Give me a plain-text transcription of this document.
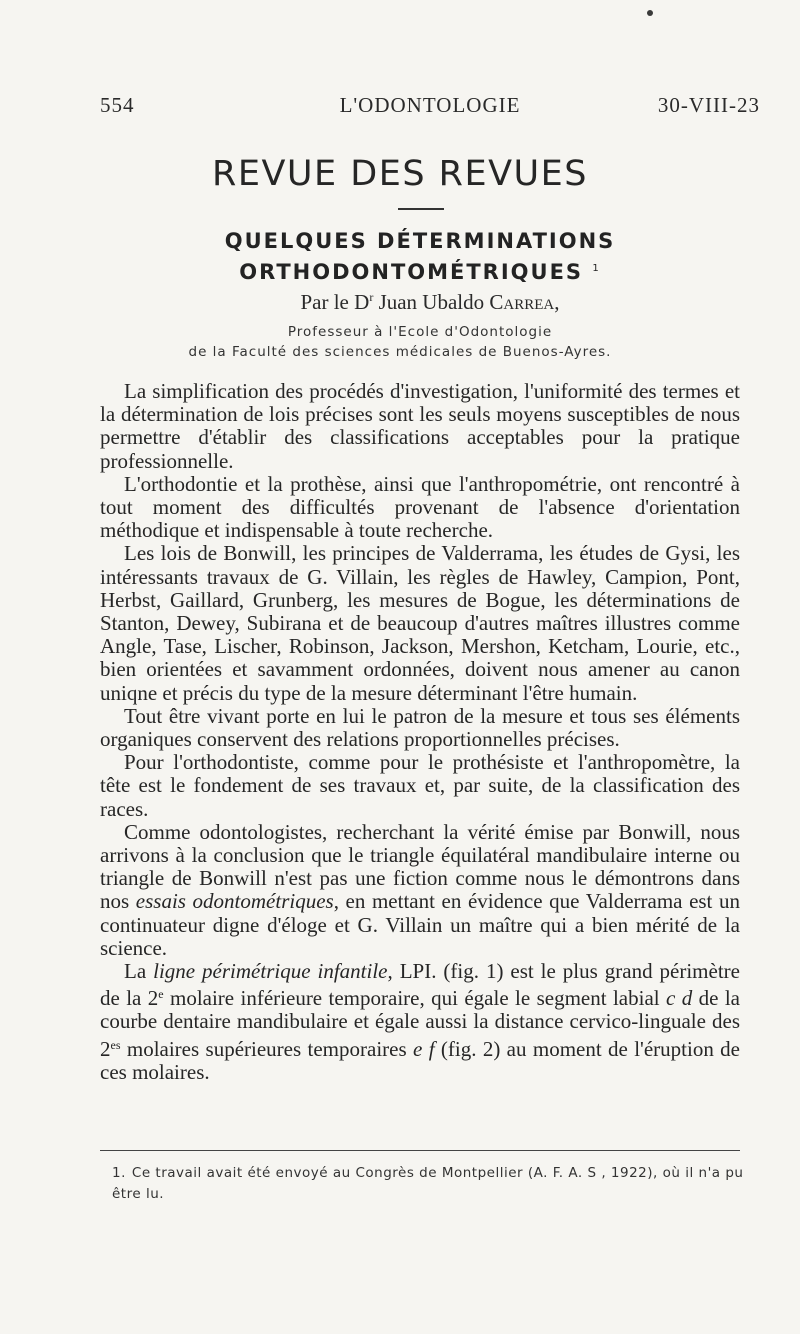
554	L'ODONTOLOGIE	30-VIII-23
REVUE DES REVUES
QUELQUES DÉTERMINATIONS
ORTHODONTOMÉTRIQUES $^1$
Par le $D^r$ Juan Ubaldo Carrea,
Professeur à l'Ecole d'Odontologie
de la Faculté des sciences médicales de Buenos-Ayres.

La simplification des procédés d'investigation, l'uniformité des termes et la détermination de lois précises sont les seuls moyens susceptibles de nous permettre d'établir des classifications acceptables pour la pratique professionnelle.

L'orthodontie et la prothèse, ainsi que l'anthropométrie, ont rencontré à tout moment des difficultés provenant de l'absence d'orientation méthodique et indispensable à toute recherche.

Les lois de Bonwill, les principes de Valderrama, les études de Gysi, les intéressants travaux de G. Villain, les règles de Hawley, Campion, Pont, Herbst, Gaillard, Grunberg, les mesures de Bogue, les déterminations de Stanton, Dewey, Subirana et de beaucoup d'autres maîtres illustres comme Angle, Tase, Lischer, Robinson, Jackson, Mershon, Ketcham, Lourie, etc., bien orientées et savamment ordonnées, doivent nous amener au canon uniqne et précis du type de la mesure déterminant l'être humain.

Tout être vivant porte en lui le patron de la mesure et tous ses éléments organiques conservent des relations proportionnelles précises.

Pour l'orthodontiste, comme pour le prothésiste et l'anthropomètre, la tête est le fondement de ses travaux et, par suite, de la classification des races.

Comme odontologistes, recherchant la vérité émise par Bonwill, nous arrivons à la conclusion que le triangle équilatéral mandibulaire interne ou triangle de Bonwill n'est pas une fiction comme nous le démontrons dans nos essais odontométriques, en mettant en évidence que Valderrama est un continuateur digne d'éloge et G. Villain un maître qui a bien mérité de la science.

La ligne périmétrique infantile, LPI. (fig. 1) est le plus grand périmètre de la 2e molaire inférieure temporaire, qui égale le segment labial c d de la courbe dentaire mandibulaire et égale aussi la distance cervico-linguale des $2^{es}$ molaires supérieures temporaires e f (fig. 2) au moment de l'éruption de ces molaires.

1. Ce travail avait été envoyé au Congrès de Montpellier (A. F. A. S , 1922), où il n'a pu être lu.
